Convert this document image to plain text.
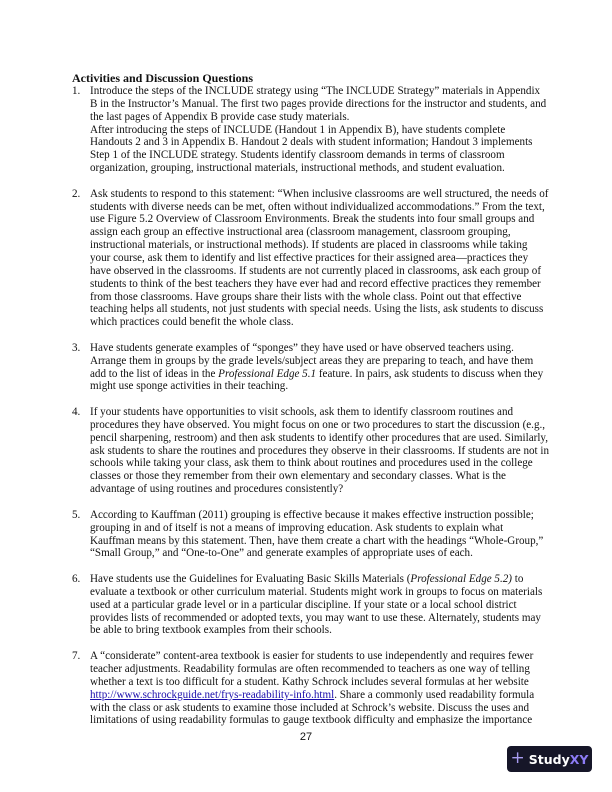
Activities and Discussion Questions
1. Introduce the steps of the INCLUDE strategy using “The INCLUDE Strategy” materials in Appendix B in the Instructor’s Manual. The first two pages provide directions for the instructor and students, and the last pages of Appendix B provide case study materials.

After introducing the steps of INCLUDE (Handout 1 in Appendix B), have students complete Handouts 2 and 3 in Appendix B. Handout 2 deals with student information; Handout 3 implements Step 1 of the INCLUDE strategy. Students identify classroom demands in terms of classroom organization, grouping, instructional materials, instructional methods, and student evaluation.

2. Ask students to respond to this statement: “When inclusive classrooms are well structured, the needs of students with diverse needs can be met, often without individualized accommodations.” From the text, use Figure 5.2 Overview of Classroom Environments. Break the students into four small groups and assign each group an effective instructional area (classroom management, classroom grouping, instructional materials, or instructional methods). If students are placed in classrooms while taking your course, ask them to identify and list effective practices for their assigned area—practices they have observed in the classrooms. If students are not currently placed in classrooms, ask each group of students to think of the best teachers they have ever had and record effective practices they remember from those classrooms. Have groups share their lists with the whole class. Point out that effective teaching helps all students, not just students with special needs. Using the lists, ask students to discuss which practices could benefit the whole class.

3. Have students generate examples of “sponges” they have used or have observed teachers using. Arrange them in groups by the grade levels/subject areas they are preparing to teach, and have them add to the list of ideas in the Professional Edge 5.1 feature. In pairs, ask students to discuss when they might use sponge activities in their teaching.

4. If your students have opportunities to visit schools, ask them to identify classroom routines and procedures they have observed. You might focus on one or two procedures to start the discussion (e.g., pencil sharpening, restroom) and then ask students to identify other procedures that are used. Similarly, ask students to share the routines and procedures they observe in their classrooms. If students are not in schools while taking your class, ask them to think about routines and procedures used in the college classes or those they remember from their own elementary and secondary classes. What is the advantage of using routines and procedures consistently?

5. According to Kauffman (2011) grouping is effective because it makes effective instruction possible; grouping in and of itself is not a means of improving education. Ask students to explain what Kauffman means by this statement. Then, have them create a chart with the headings “Whole-Group,” “Small Group,” and “One-to-One” and generate examples of appropriate uses of each.

6. Have students use the Guidelines for Evaluating Basic Skills Materials (Professional Edge 5.2) to evaluate a textbook or other curriculum material. Students might work in groups to focus on materials used at a particular grade level or in a particular discipline. If your state or a local school district provides lists of recommended or adopted texts, you may want to use these. Alternately, students may be able to bring textbook examples from their schools.

7. A “considerate” content-area textbook is easier for students to use independently and requires fewer teacher adjustments. Readability formulas are often recommended to teachers as one way of telling whether a text is too difficult for a student. Kathy Schrock includes several formulas at her website http://www.schrockguide.net/frys-readability-info.html. Share a commonly used readability formula with the class or ask students to examine those included at Schrock’s website. Discuss the uses and limitations of using readability formulas to gauge textbook difficulty and emphasize the importance

27
+ StudyXY
